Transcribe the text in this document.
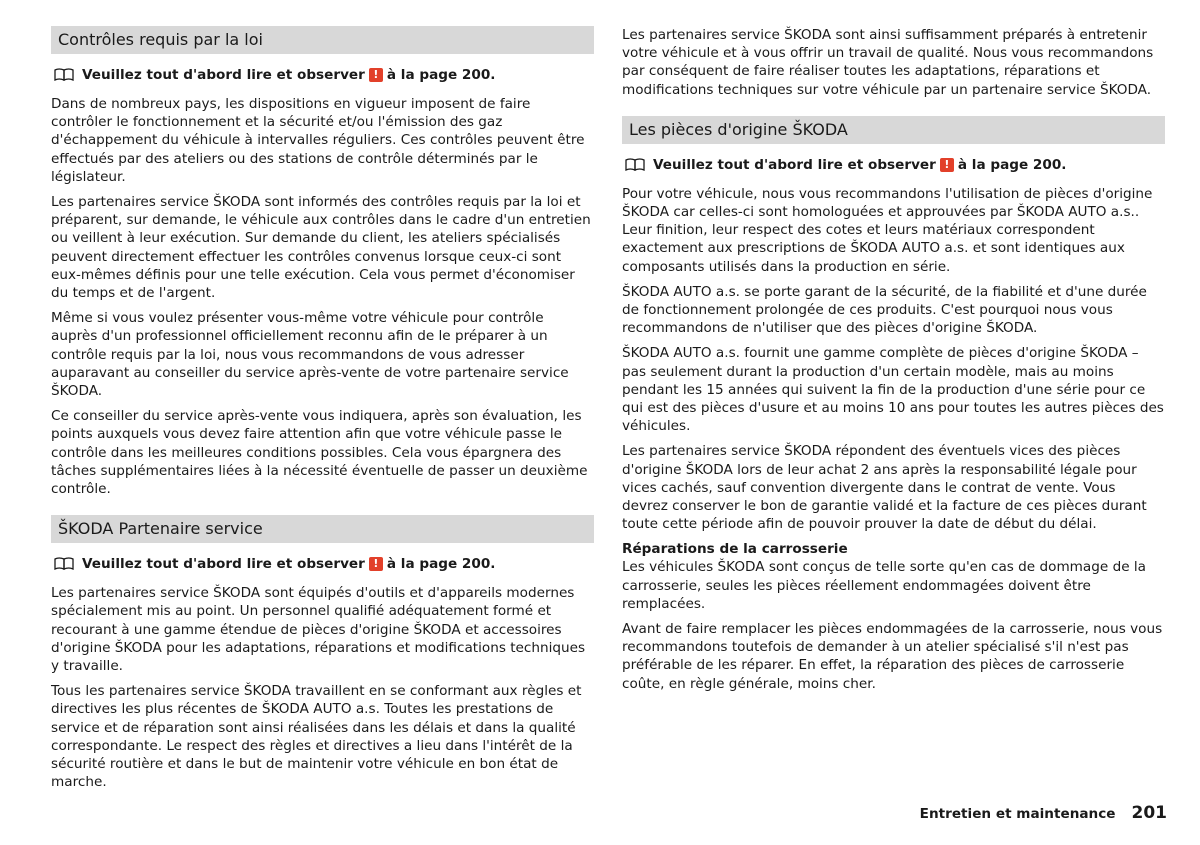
Contrôles requis par la loi
Veuillez tout d'abord lire et observer ! à la page 200.

Dans de nombreux pays, les dispositions en vigueur imposent de faire contrôler le fonctionnement et la sécurité et/ou l'émission des gaz d'échappement du véhicule à intervalles réguliers. Ces contrôles peuvent être effectués par des ateliers ou des stations de contrôle déterminés par le législateur.

Les partenaires service ŠKODA sont informés des contrôles requis par la loi et préparent, sur demande, le véhicule aux contrôles dans le cadre d'un entretien ou veillent à leur exécution. Sur demande du client, les ateliers spécialisés peuvent directement effectuer les contrôles convenus lorsque ceux-ci sont eux-mêmes définis pour une telle exécution. Cela vous permet d'économiser du temps et de l'argent.

Même si vous voulez présenter vous-même votre véhicule pour contrôle auprès d'un professionnel officiellement reconnu afin de le préparer à un contrôle requis par la loi, nous vous recommandons de vous adresser auparavant au conseiller du service après-vente de votre partenaire service ŠKODA.

Ce conseiller du service après-vente vous indiquera, après son évaluation, les points auxquels vous devez faire attention afin que votre véhicule passe le contrôle dans les meilleures conditions possibles. Cela vous épargnera des tâches supplémentaires liées à la nécessité éventuelle de passer un deuxième contrôle.

ŠKODA Partenaire service
Veuillez tout d'abord lire et observer ! à la page 200.

Les partenaires service ŠKODA sont équipés d'outils et d'appareils modernes spécialement mis au point. Un personnel qualifié adéquatement formé et recourant à une gamme étendue de pièces d'origine ŠKODA et accessoires d'origine ŠKODA pour les adaptations, réparations et modifications techniques y travaille.

Tous les partenaires service ŠKODA travaillent en se conformant aux règles et directives les plus récentes de ŠKODA AUTO a.s. Toutes les prestations de service et de réparation sont ainsi réalisées dans les délais et dans la qualité correspondante. Le respect des règles et directives a lieu dans l'intérêt de la sécurité routière et dans le but de maintenir votre véhicule en bon état de marche.

Les partenaires service ŠKODA sont ainsi suffisamment préparés à entretenir votre véhicule et à vous offrir un travail de qualité. Nous vous recommandons par conséquent de faire réaliser toutes les adaptations, réparations et modifications techniques sur votre véhicule par un partenaire service ŠKODA.

Les pièces d'origine ŠKODA
Veuillez tout d'abord lire et observer ! à la page 200.

Pour votre véhicule, nous vous recommandons l'utilisation de pièces d'origine ŠKODA car celles-ci sont homologuées et approuvées par ŠKODA AUTO a.s.. Leur finition, leur respect des cotes et leurs matériaux correspondent exactement aux prescriptions de ŠKODA AUTO a.s. et sont identiques aux composants utilisés dans la production en série.

ŠKODA AUTO a.s. se porte garant de la sécurité, de la fiabilité et d'une durée de fonctionnement prolongée de ces produits. C'est pourquoi nous vous recommandons de n'utiliser que des pièces d'origine ŠKODA.

ŠKODA AUTO a.s. fournit une gamme complète de pièces d'origine ŠKODA – pas seulement durant la production d'un certain modèle, mais au moins pendant les 15 années qui suivent la fin de la production d'une série pour ce qui est des pièces d'usure et au moins 10 ans pour toutes les autres pièces des véhicules.

Les partenaires service ŠKODA répondent des éventuels vices des pièces d'origine ŠKODA lors de leur achat 2 ans après la responsabilité légale pour vices cachés, sauf convention divergente dans le contrat de vente. Vous devrez conserver le bon de garantie validé et la facture de ces pièces durant toute cette période afin de pouvoir prouver la date de début du délai.

Réparations de la carrosserie

Les véhicules ŠKODA sont conçus de telle sorte qu'en cas de dommage de la carrosserie, seules les pièces réellement endommagées doivent être remplacées.

Avant de faire remplacer les pièces endommagées de la carrosserie, nous vous recommandons toutefois de demander à un atelier spécialisé s'il n'est pas préférable de les réparer. En effet, la réparation des pièces de carrosserie coûte, en règle générale, moins cher.

Entretien et maintenance 201
